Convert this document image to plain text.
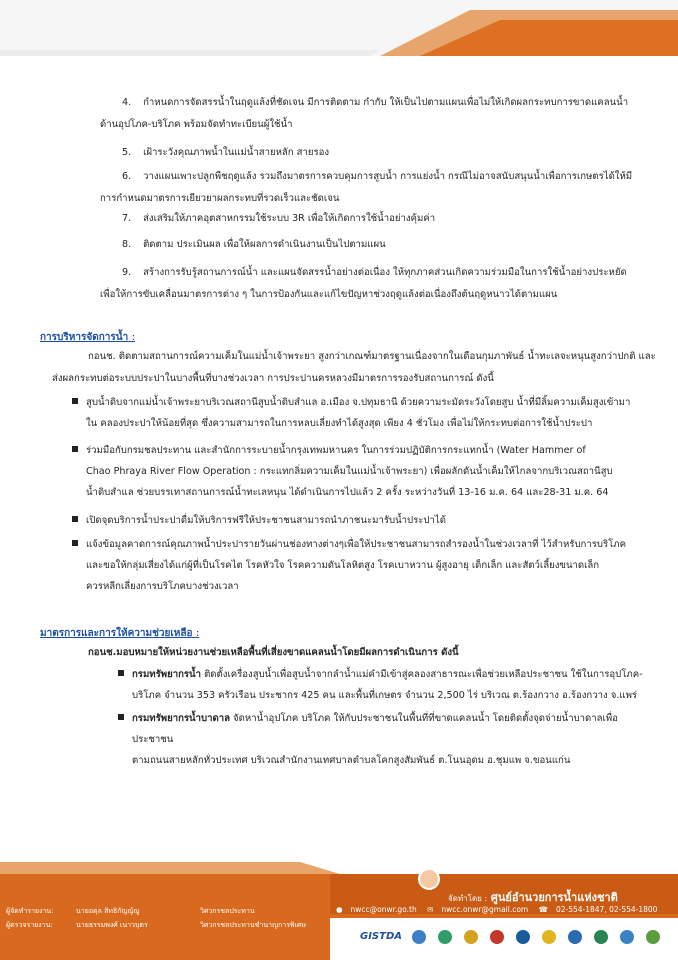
4. กำหนดการจัดสรรน้ำในฤดูแล้งที่ชัดเจน มีการติดตาม กำกับ ให้เป็นไปตามแผนเพื่อไม่ให้เกิดผลกระทบการขาดแคลนน้ำ
ด้านอุปโภค-บริโภค พร้อมจัดทำทะเบียนผู้ใช้น้ำ
5. เฝ้าระวังคุณภาพน้ำในแม่น้ำสายหลัก สายรอง
6. วางแผนเพาะปลูกพืชฤดูแล้ง รวมถึงมาตรการควบคุมการสูบน้ำ การแย่งน้ำ กรณีไม่อาจสนับสนุนน้ำเพื่อการเกษตรได้ให้มี
การกำหนดมาตรการเยียวยาผลกระทบที่รวดเร็วและชัดเจน
7. ส่งเสริมให้ภาคอุตสาหกรรมใช้ระบบ 3R เพื่อให้เกิดการใช้น้ำอย่างคุ้มค่า
8. ติดตาม ประเมินผล เพื่อให้ผลการดำเนินงานเป็นไปตามแผน
9. สร้างการรับรู้สถานการณ์น้ำ และแผนจัดสรรน้ำอย่างต่อเนื่อง ให้ทุกภาคส่วนเกิดความร่วมมือในการใช้น้ำอย่างประหยัด
เพื่อให้การขับเคลื่อนมาตรการต่าง ๆ ในการป้องกันและแก้ไขปัญหาช่วงฤดูแล้งต่อเนื่องถึงต้นฤดูหนาวได้ตามแผน
การบริหารจัดการน้ำ :
กอนช. ติดตามสถานการณ์ความเค็มในแม่น้ำเจ้าพระยา สูงกว่าเกณฑ์มาตรฐานเนื่องจากในเดือนกุมภาพันธ์ น้ำทะเลจะหนุนสูงกว่าปกติ และ
ส่งผลกระทบต่อระบบประปาในบางพื้นที่บางช่วงเวลา การประปานครหลวงมีมาตรการรองรับสถานการณ์ ดังนี้
สูบน้ำดิบจากแม่น้ำเจ้าพระยาบริเวณสถานีสูบน้ำดิบสำแล อ.เมือง จ.ปทุมธานี ด้วยความระมัดระวังโดยสูบ น้ำที่มีลิ้มความเค็มสูงเข้ามา
ใน คลองประปาให้น้อยที่สุด ซึ่งความสามารถในการหลบเลี่ยงทำได้สูงสุด เพียง 4 ชั่วโมง เพื่อไม่ให้กระทบต่อการใช้น้ำประปา
ร่วมมือกับกรมชลประทาน และสำนักการระบายน้ำกรุงเทพมหานคร ในการร่วมปฏิบัติการกระแทกน้ำ (Water Hammer of
Chao Phraya River Flow Operation : กระแทกลิ่มความเค็มในแม่น้ำเจ้าพระยา) เพื่อผลักดันน้ำเค็มให้ไกลจากบริเวณสถานีสูบ
น้ำดิบสำแล ช่วยบรรเทาสถานการณ์น้ำทะเลหนุน ได้ดำเนินการไปแล้ว 2 ครั้ง ระหว่างวันที่ 13-16 ม.ค. 64 และ28-31 ม.ค. 64
เปิดจุดบริการน้ำประปาดื่มให้บริการฟรีให้ประชาชนสามารถนำภาชนะมารับน้ำประปาได้
แจ้งข้อมูลคาดการณ์คุณภาพน้ำประปารายวันผ่านช่องทางต่างๆเพื่อให้ประชาชนสามารถสำรองน้ำในช่วงเวลาที่ ไว้สำหรับการบริโภค
และขอให้กลุ่มเสี่ยงได้แก่ผู้ที่เป็นโรคไต โรคหัวใจ โรคความดันโลหิตสูง โรคเบาหวาน ผู้สูงอายุ เด็กเล็ก และสัตว์เลี้ยงขนาดเล็ก
ควรหลีกเลี่ยงการบริโภคบางช่วงเวลา
มาตรการและการให้ความช่วยเหลือ :
กอนช.มอบหมายให้หน่วยงานช่วยเหลือพื้นที่เสี่ยงขาดแคลนน้ำโดยมีผลการดำเนินการ ดังนี้
กรมทรัพยากรน้ำ ติดตั้งเครื่องสูบน้ำเพื่อสูบน้ำจากลำน้ำแม่คำมีเข้าสู่คลองสาธารณะเพื่อช่วยเหลือประชาชน ใช้ในการอุปโภค-
บริโภค จำนวน 353 ครัวเรือน ประชากร 425 คน และพื้นที่เกษตร จำนวน 2,500 ไร่ บริเวณ ต.ร้องกวาง อ.ร้องกวาง จ.แพร่
กรมทรัพยากรน้ำบาดาล จัดหาน้ำอุปโภค บริโภค ให้กับประชาชนในพื้นที่ที่ขาดแคลนน้ำ โดยติดตั้งจุดจ่ายน้ำบาดาลเพื่อประชาชน
ตามถนนสายหลักทั่วประเทศ บริเวณสำนักงานเทศบาลตำบลโคกสูงสัมพันธ์ ต.โนนอุดม อ.ชุมแพ จ.ขอนแก่น
ผู้จัดทำรายงาน:	นายอดุล สิทธิกัญญ์ญู	วิศวกรชลประทาน
ผู้ตรวจรายงาน:	นายธรรมพงศ์ เนาวบุตร	วิศวกรชลประทานชำนาญการพิเศษ
จัดทำโดย : ศูนย์อำนวยการน้ำแห่งชาติ
● nwcc@onwr.go.th ✉ nwcc.onwr@gmail.com ☎ 02-554-1847, 02-554-1800
GISTDA
